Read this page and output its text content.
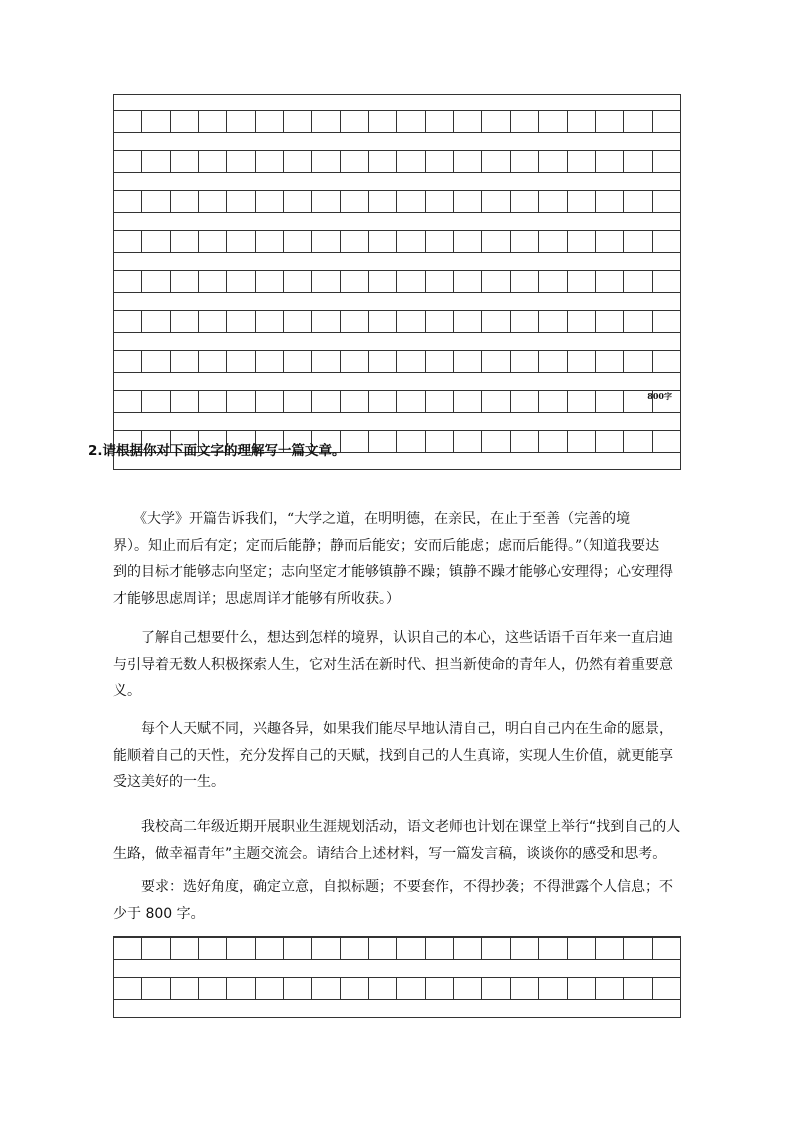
800字
2.请根据你对下面文字的理解写一篇文章。
《大学》开篇告诉我们，“大学之道，在明明德，在亲民，在止于至善（完善的境
界）。知止而后有定；定而后能静；静而后能安；安而后能虑；虑而后能得。”（知道我要达
到的目标才能够志向坚定；志向坚定才能够镇静不躁；镇静不躁才能够心安理得；心安理得
才能够思虑周详；思虑周详才能够有所收获。）
了解自己想要什么，想达到怎样的境界，认识自己的本心，这些话语千百年来一直启迪
与引导着无数人积极探索人生，它对生活在新时代、担当新使命的青年人，仍然有着重要意
义。
每个人天赋不同，兴趣各异，如果我们能尽早地认清自己，明白自己内在生命的愿景，
能顺着自己的天性，充分发挥自己的天赋，找到自己的人生真谛，实现人生价值，就更能享
受这美好的一生。
我校高二年级近期开展职业生涯规划活动，语文老师也计划在课堂上举行“找到自己的人
生路，做幸福青年”主题交流会。请结合上述材料，写一篇发言稿，谈谈你的感受和思考。
要求：选好角度，确定立意，自拟标题；不要套作，不得抄袭；不得泄露个人信息；不
少于 800 字。
